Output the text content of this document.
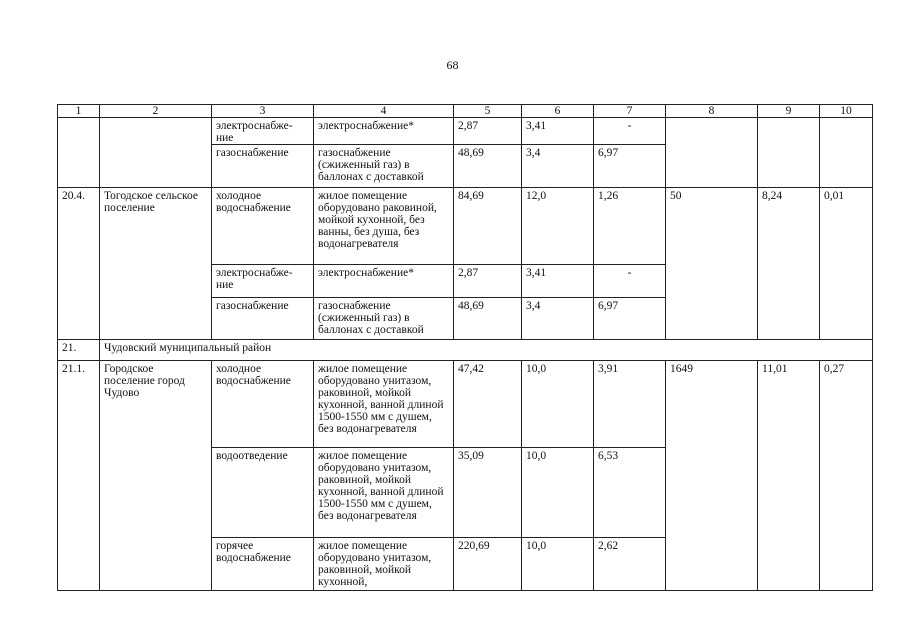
68
1	2	3	4	5	6	7	8	9	10
		электроснабже-ние	электроснабжение*	2,87	3,41	-			
		газоснабжение	газоснабжение (сжиженный газ) в баллонах с доставкой	48,69	3,4	6,97			
20.4.	Тогодское сельское поселение	холодное водоснабжение	жилое помещение оборудовано раковиной, мойкой кухонной, без ванны, без душа, без водонагревателя	84,69	12,0	1,26	50	8,24	0,01
		электроснабже-ние	электроснабжение*	2,87	3,41	-			
		газоснабжение	газоснабжение (сжиженный газ) в баллонах с доставкой	48,69	3,4	6,97			
21.	Чудовский муниципальный район								
21.1.	Городское поселение город Чудово	холодное водоснабжение	жилое помещение оборудовано унитазом, раковиной, мойкой кухонной, ванной длиной 1500-1550 мм с душем, без водонагревателя	47,42	10,0	3,91	1649	11,01	0,27
		водоотведение	жилое помещение оборудовано унитазом, раковиной, мойкой кухонной, ванной длиной 1500-1550 мм с душем, без водонагревателя	35,09	10,0	6,53			
		горячее водоснабжение	жилое помещение оборудовано унитазом, раковиной, мойкой кухонной,	220,69	10,0	2,62			
